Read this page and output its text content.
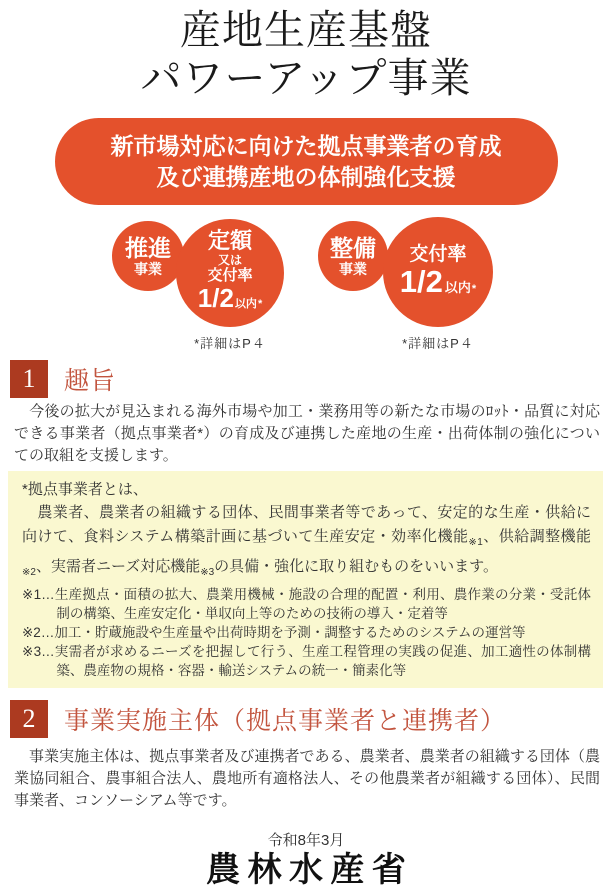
産地生産基盤
パワーアップ事業
新市場対応に向けた拠点事業者の育成
及び連携産地の体制強化支援
推進
事業
定額
又は
交付率
1/2 以内 *
*詳細はP４
整備
事業
交付率
1/2 以内 *
*詳細はP４
1	趣旨

　今後の拡大が見込まれる海外市場や加工・業務用等の新たな市場のﾛｯﾄ・品質に対応できる事業者（拠点事業者*）の育成及び連携した産地の生産・出荷体制の強化についての取組を支援します。

*拠点事業者とは、
　農業者、農業者の組織する団体、民間事業者等であって、安定的な生産・供給に向けて、食料システム構築計画に基づいて生産安定・効率化機能$_{※1}$、供給調整機能$_{※2}$、実需者ニーズ対応機能$_{※3}$の具備・強化に取り組むものをいいます。
※1…生産拠点・面積の拡大、農業用機械・施設の合理的配置・利用、農作業の分業・受託体制の構築、生産安定化・単収向上等のための技術の導入・定着等
※2…加工・貯蔵施設や生産量や出荷時期を予測・調整するためのシステムの運営等
※3…実需者が求めるニーズを把握して行う、生産工程管理の実践の促進、加工適性の体制構築、農産物の規格・容器・輸送システムの統一・簡素化等
2	事業実施主体（拠点事業者と連携者）

　事業実施主体は、拠点事業者及び連携者である、農業者、農業者の組織する団体（農業協同組合、農事組合法人、農地所有適格法人、その他農業者が組織する団体）、民間事業者、コンソーシアム等です。

令和8年3月
農林水産省
